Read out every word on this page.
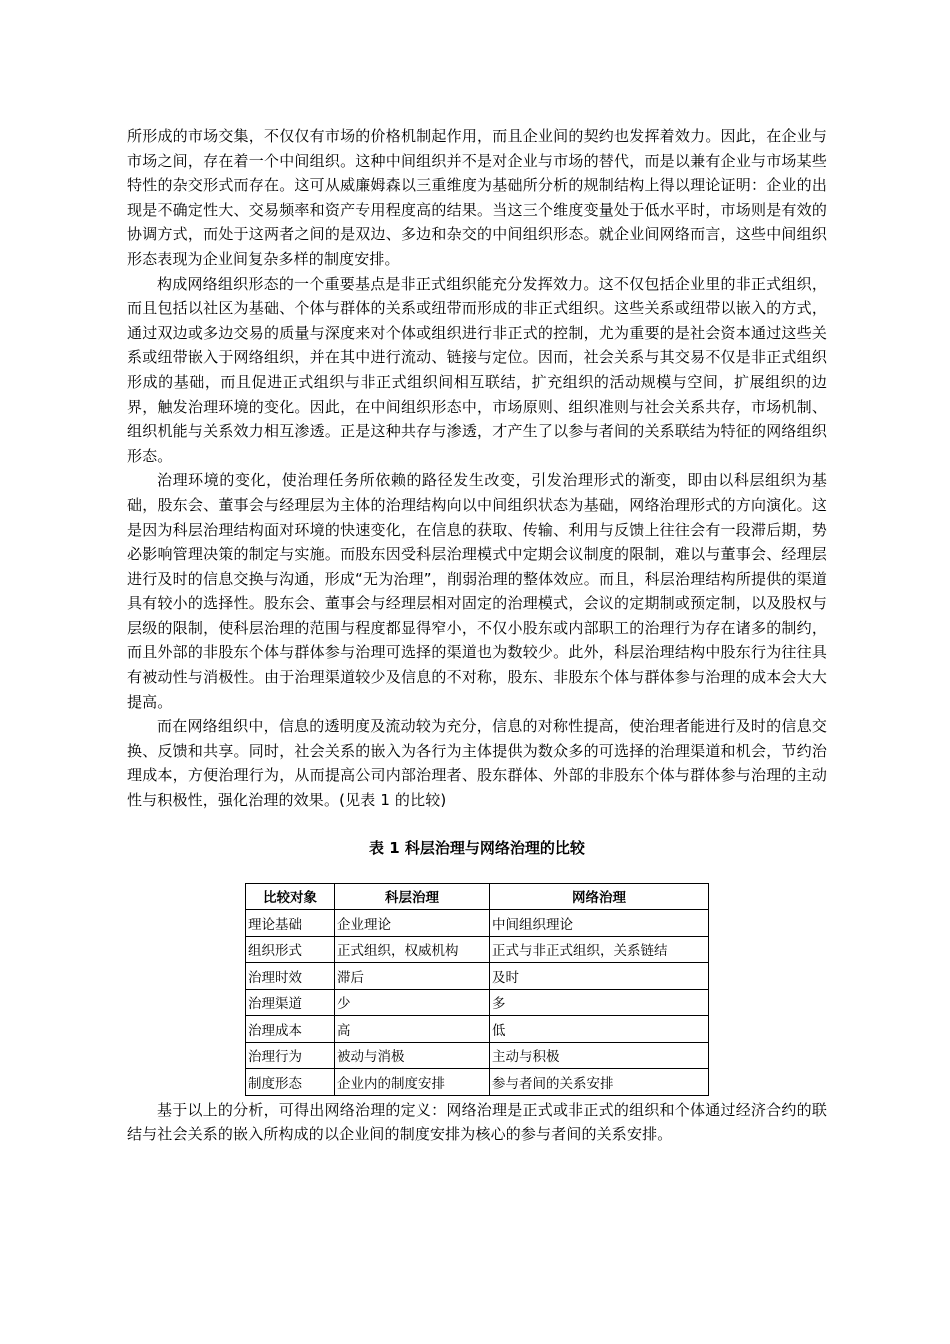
所形成的市场交集，不仅仅有市场的价格机制起作用，而且企业间的契约也发挥着效力。因此，在企业与市场之间，存在着一个中间组织。这种中间组织并不是对企业与市场的替代，而是以兼有企业与市场某些特性的杂交形式而存在。这可从威廉姆森以三重维度为基础所分析的规制结构上得以理论证明：企业的出现是不确定性大、交易频率和资产专用程度高的结果。当这三个维度变量处于低水平时，市场则是有效的协调方式，而处于这两者之间的是双边、多边和杂交的中间组织形态。就企业间网络而言，这些中间组织形态表现为企业间复杂多样的制度安排。

构成网络组织形态的一个重要基点是非正式组织能充分发挥效力。这不仅包括企业里的非正式组织，而且包括以社区为基础、个体与群体的关系或纽带而形成的非正式组织。这些关系或纽带以嵌入的方式，通过双边或多边交易的质量与深度来对个体或组织进行非正式的控制，尤为重要的是社会资本通过这些关系或纽带嵌入于网络组织，并在其中进行流动、链接与定位。因而，社会关系与其交易不仅是非正式组织形成的基础，而且促进正式组织与非正式组织间相互联结，扩充组织的活动规模与空间，扩展组织的边界，触发治理环境的变化。因此，在中间组织形态中，市场原则、组织准则与社会关系共存，市场机制、组织机能与关系效力相互渗透。正是这种共存与渗透，才产生了以参与者间的关系联结为特征的网络组织形态。

治理环境的变化，使治理任务所依赖的路径发生改变，引发治理形式的渐变，即由以科层组织为基础，股东会、董事会与经理层为主体的治理结构向以中间组织状态为基础，网络治理形式的方向演化。这是因为科层治理结构面对环境的快速变化，在信息的获取、传输、利用与反馈上往往会有一段滞后期，势必影响管理决策的制定与实施。而股东因受科层治理模式中定期会议制度的限制，难以与董事会、经理层进行及时的信息交换与沟通，形成“无为治理”，削弱治理的整体效应。而且，科层治理结构所提供的渠道具有较小的选择性。股东会、董事会与经理层相对固定的治理模式，会议的定期制或预定制，以及股权与层级的限制，使科层治理的范围与程度都显得窄小，不仅小股东或内部职工的治理行为存在诸多的制约，而且外部的非股东个体与群体参与治理可选择的渠道也为数较少。此外，科层治理结构中股东行为往往具有被动性与消极性。由于治理渠道较少及信息的不对称，股东、非股东个体与群体参与治理的成本会大大提高。

而在网络组织中，信息的透明度及流动较为充分，信息的对称性提高，使治理者能进行及时的信息交换、反馈和共享。同时，社会关系的嵌入为各行为主体提供为数众多的可选择的治理渠道和机会，节约治理成本，方便治理行为，从而提高公司内部治理者、股东群体、外部的非股东个体与群体参与治理的主动性与积极性，强化治理的效果。(见表 1 的比较)

表 1 科层治理与网络治理的比较
比较对象	科层治理	网络治理
理论基础	企业理论	中间组织理论
组织形式	正式组织，权威机构	正式与非正式组织，关系链结
治理时效	滞后	及时
治理渠道	少	多
治理成本	高	低
治理行为	被动与消极	主动与积极
制度形态	企业内的制度安排	参与者间的关系安排

基于以上的分析，可得出网络治理的定义：网络治理是正式或非正式的组织和个体通过经济合约的联结与社会关系的嵌入所构成的以企业间的制度安排为核心的参与者间的关系安排。
